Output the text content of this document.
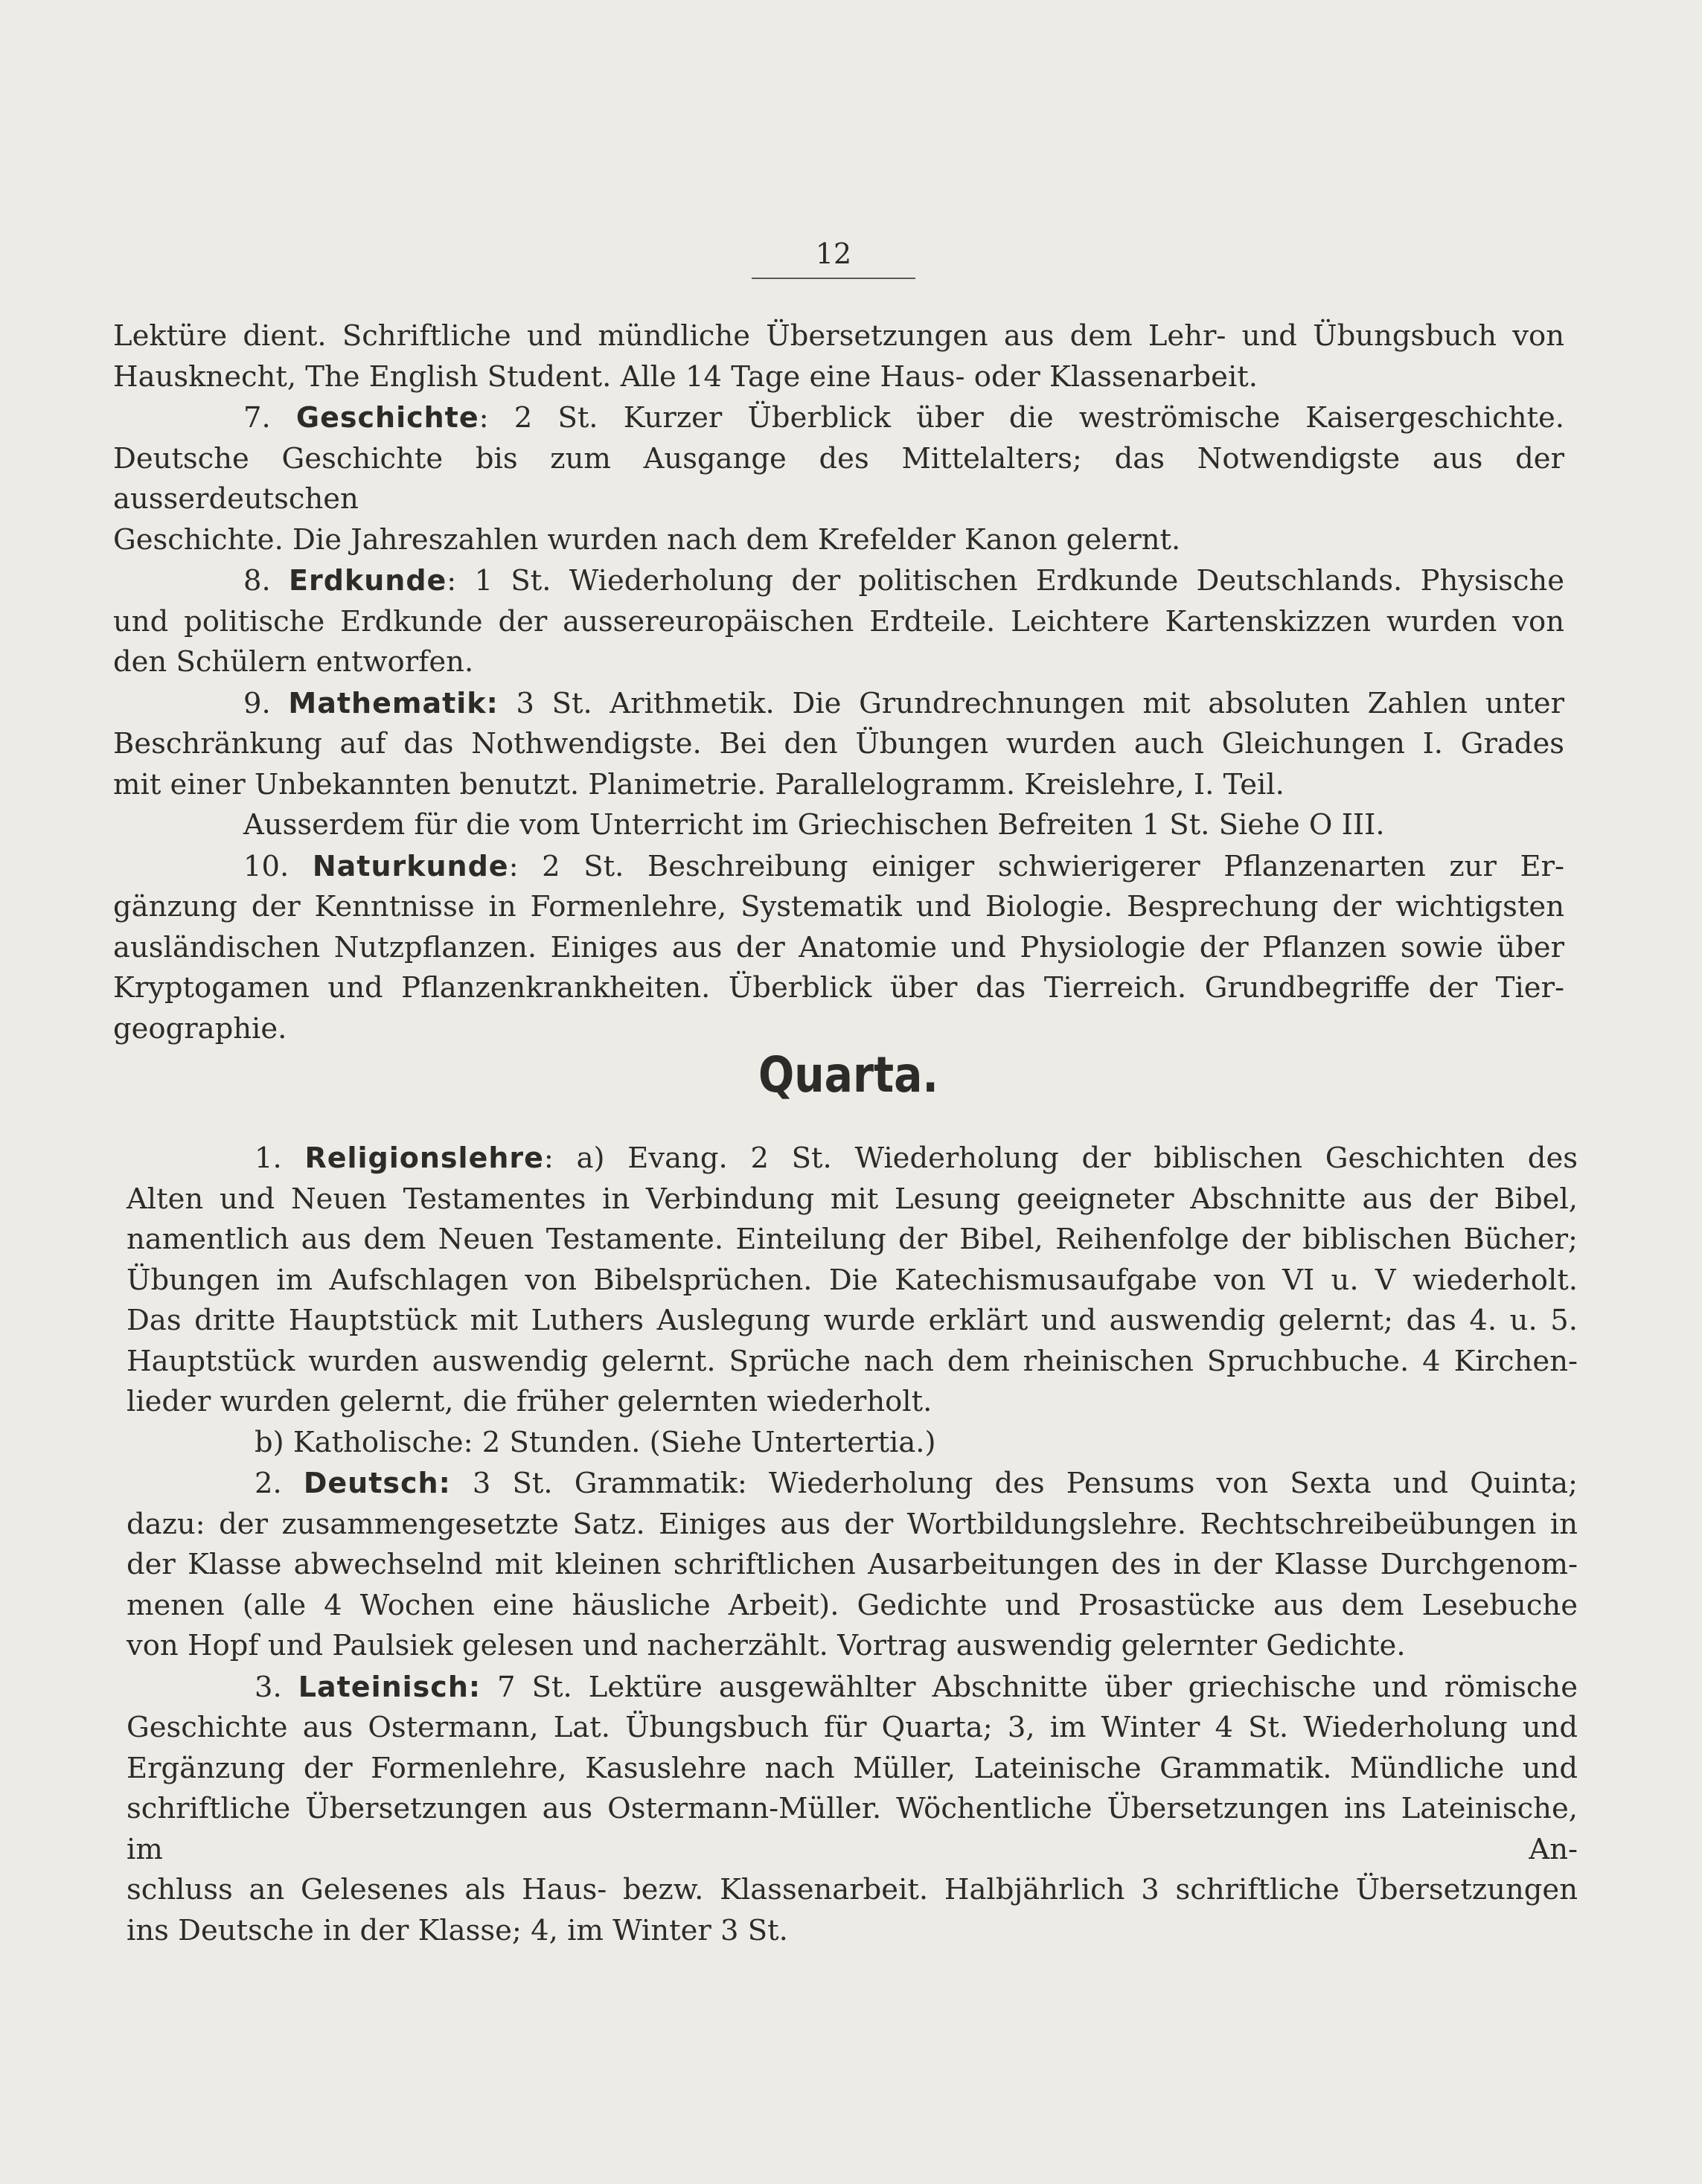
12

Lektüre dient. Schriftliche und mündliche Übersetzungen aus dem Lehr- und Übungsbuch von

Hausknecht, The English Student. Alle 14 Tage eine Haus- oder Klassenarbeit.

7. Geschichte: 2 St. Kurzer Überblick über die weströmische Kaisergeschichte.

Deutsche Geschichte bis zum Ausgange des Mittelalters; das Notwendigste aus der ausserdeutschen

Geschichte. Die Jahreszahlen wurden nach dem Krefelder Kanon gelernt.

8. Erdkunde: 1 St. Wiederholung der politischen Erdkunde Deutschlands. Physische

und politische Erdkunde der aussereuropäischen Erdteile. Leichtere Kartenskizzen wurden von

den Schülern entworfen.

9. Mathematik: 3 St. Arithmetik. Die Grundrechnungen mit absoluten Zahlen unter

Beschränkung auf das Nothwendigste. Bei den Übungen wurden auch Gleichungen I. Grades

mit einer Unbekannten benutzt. Planimetrie. Parallelogramm. Kreislehre, I. Teil.

Ausserdem für die vom Unterricht im Griechischen Befreiten 1 St. Siehe O III.

10. Naturkunde: 2 St. Beschreibung einiger schwierigerer Pflanzenarten zur Er-

gänzung der Kenntnisse in Formenlehre, Systematik und Biologie. Besprechung der wichtigsten

ausländischen Nutzpflanzen. Einiges aus der Anatomie und Physiologie der Pflanzen sowie über

Kryptogamen und Pflanzenkrankheiten. Überblick über das Tierreich. Grundbegriffe der Tier-

geographie.

Quarta.

1. Religionslehre: a) Evang. 2 St. Wiederholung der biblischen Geschichten des

Alten und Neuen Testamentes in Verbindung mit Lesung geeigneter Abschnitte aus der Bibel,

namentlich aus dem Neuen Testamente. Einteilung der Bibel, Reihenfolge der biblischen Bücher;

Übungen im Aufschlagen von Bibelsprüchen. Die Katechismusaufgabe von VI u. V wiederholt.

Das dritte Hauptstück mit Luthers Auslegung wurde erklärt und auswendig gelernt; das 4. u. 5.

Hauptstück wurden auswendig gelernt. Sprüche nach dem rheinischen Spruchbuche. 4 Kirchen-

lieder wurden gelernt, die früher gelernten wiederholt.

b) Katholische: 2 Stunden. (Siehe Untertertia.)

2. Deutsch: 3 St. Grammatik: Wiederholung des Pensums von Sexta und Quinta;

dazu: der zusammengesetzte Satz. Einiges aus der Wortbildungslehre. Rechtschreibeübungen in

der Klasse abwechselnd mit kleinen schriftlichen Ausarbeitungen des in der Klasse Durchgenom-

menen (alle 4 Wochen eine häusliche Arbeit). Gedichte und Prosastücke aus dem Lesebuche

von Hopf und Paulsiek gelesen und nacherzählt. Vortrag auswendig gelernter Gedichte.

3. Lateinisch: 7 St. Lektüre ausgewählter Abschnitte über griechische und römische

Geschichte aus Ostermann, Lat. Übungsbuch für Quarta; 3, im Winter 4 St. Wiederholung und

Ergänzung der Formenlehre, Kasuslehre nach Müller, Lateinische Grammatik. Mündliche und

schriftliche Übersetzungen aus Ostermann-Müller. Wöchentliche Übersetzungen ins Lateinische, im An-

schluss an Gelesenes als Haus- bezw. Klassenarbeit. Halbjährlich 3 schriftliche Übersetzungen

ins Deutsche in der Klasse; 4, im Winter 3 St.
